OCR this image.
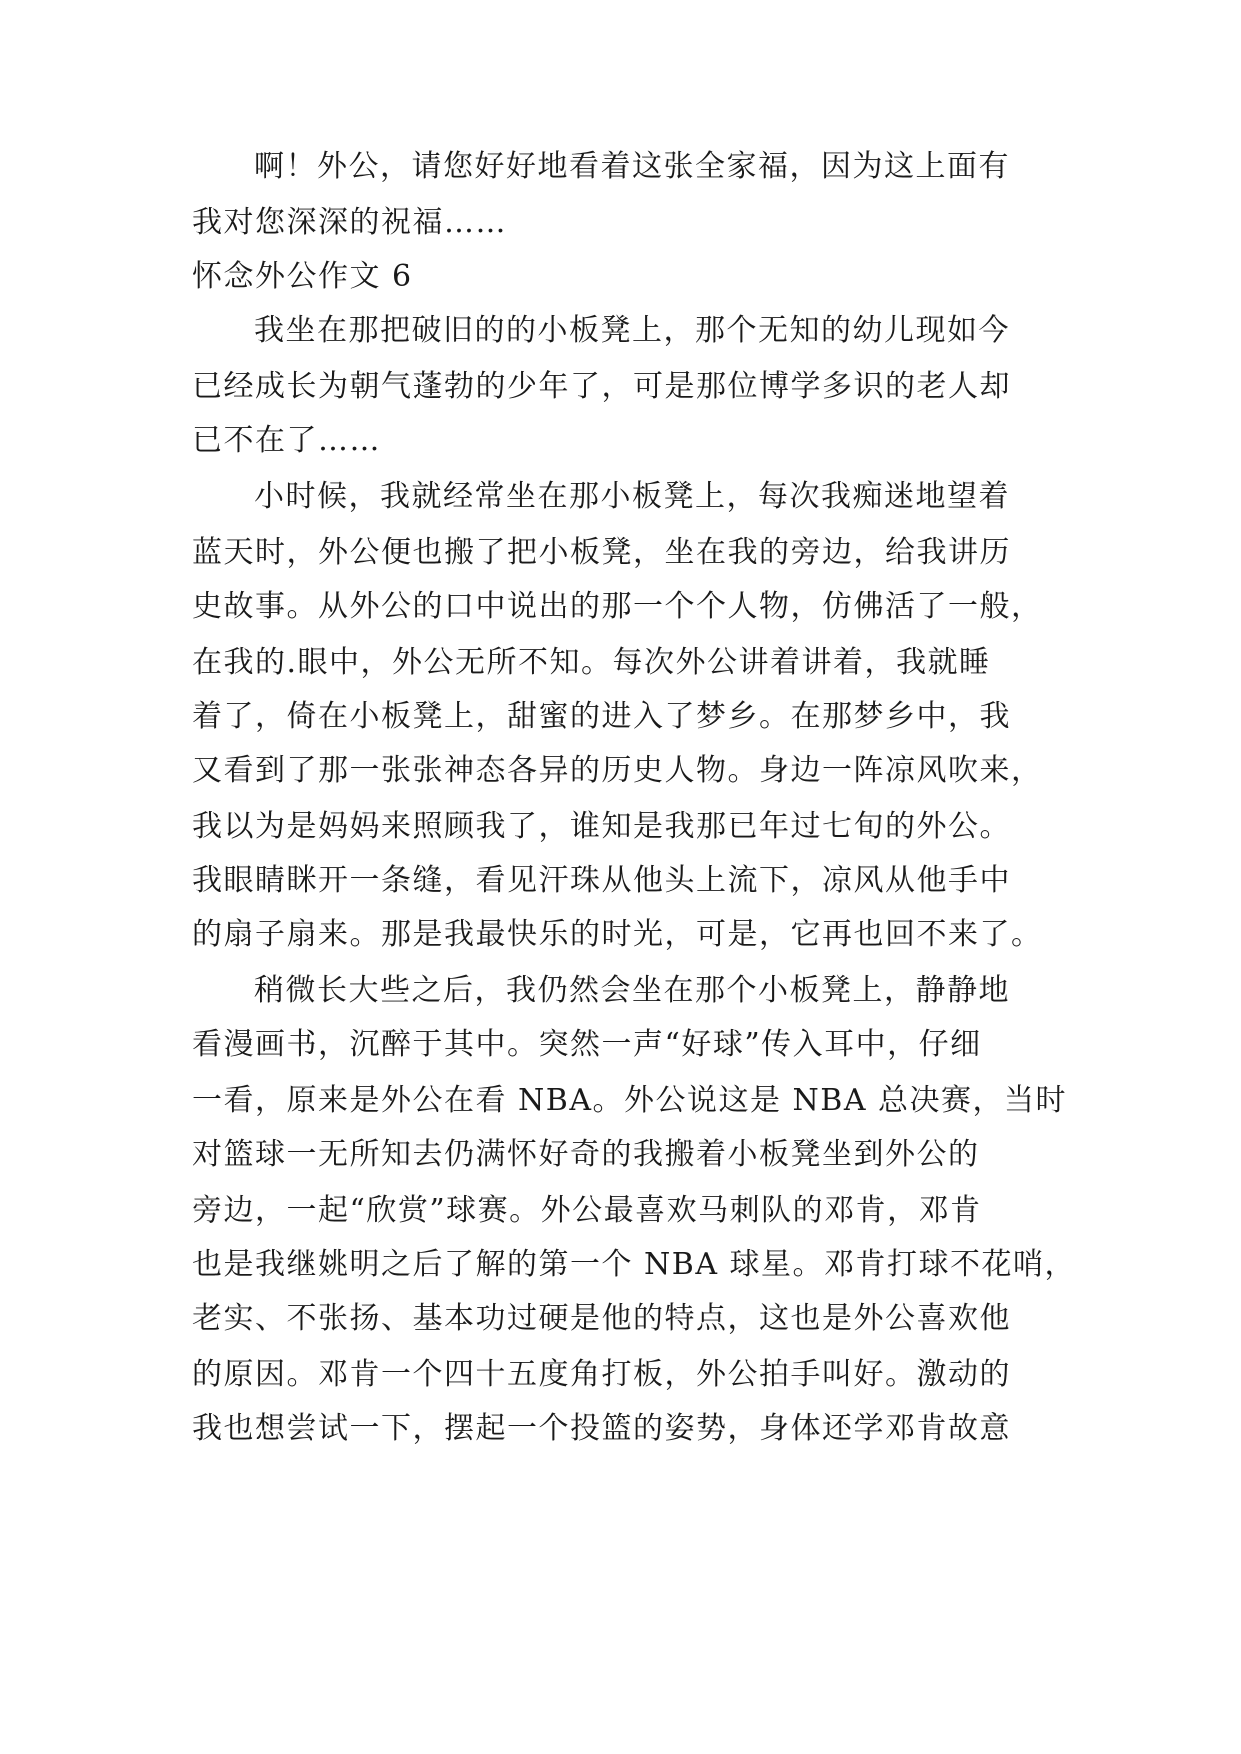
啊！外公，请您好好地看着这张全家福，因为这上面有
我对您深深的祝福……
怀念外公作文 6
我坐在那把破旧的的小板凳上，那个无知的幼儿现如今
已经成长为朝气蓬勃的少年了，可是那位博学多识的老人却
已不在了……
小时候，我就经常坐在那小板凳上，每次我痴迷地望着
蓝天时，外公便也搬了把小板凳，坐在我的旁边，给我讲历
史故事。从外公的口中说出的那一个个人物，仿佛活了一般，
在我的.眼中，外公无所不知。每次外公讲着讲着，我就睡
着了，倚在小板凳上，甜蜜的进入了梦乡。在那梦乡中，我
又看到了那一张张神态各异的历史人物。身边一阵凉风吹来，
我以为是妈妈来照顾我了，谁知是我那已年过七旬的外公。
我眼睛眯开一条缝，看见汗珠从他头上流下，凉风从他手中
的扇子扇来。那是我最快乐的时光，可是，它再也回不来了。
稍微长大些之后，我仍然会坐在那个小板凳上，静静地
看漫画书，沉醉于其中。突然一声“好球”传入耳中，仔细
一看，原来是外公在看 NBA。外公说这是 NBA 总决赛，当时
对篮球一无所知去仍满怀好奇的我搬着小板凳坐到外公的
旁边，一起“欣赏”球赛。外公最喜欢马刺队的邓肯，邓肯
也是我继姚明之后了解的第一个 NBA 球星。邓肯打球不花哨，
老实、不张扬、基本功过硬是他的特点，这也是外公喜欢他
的原因。邓肯一个四十五度角打板，外公拍手叫好。激动的
我也想尝试一下，摆起一个投篮的姿势，身体还学邓肯故意
